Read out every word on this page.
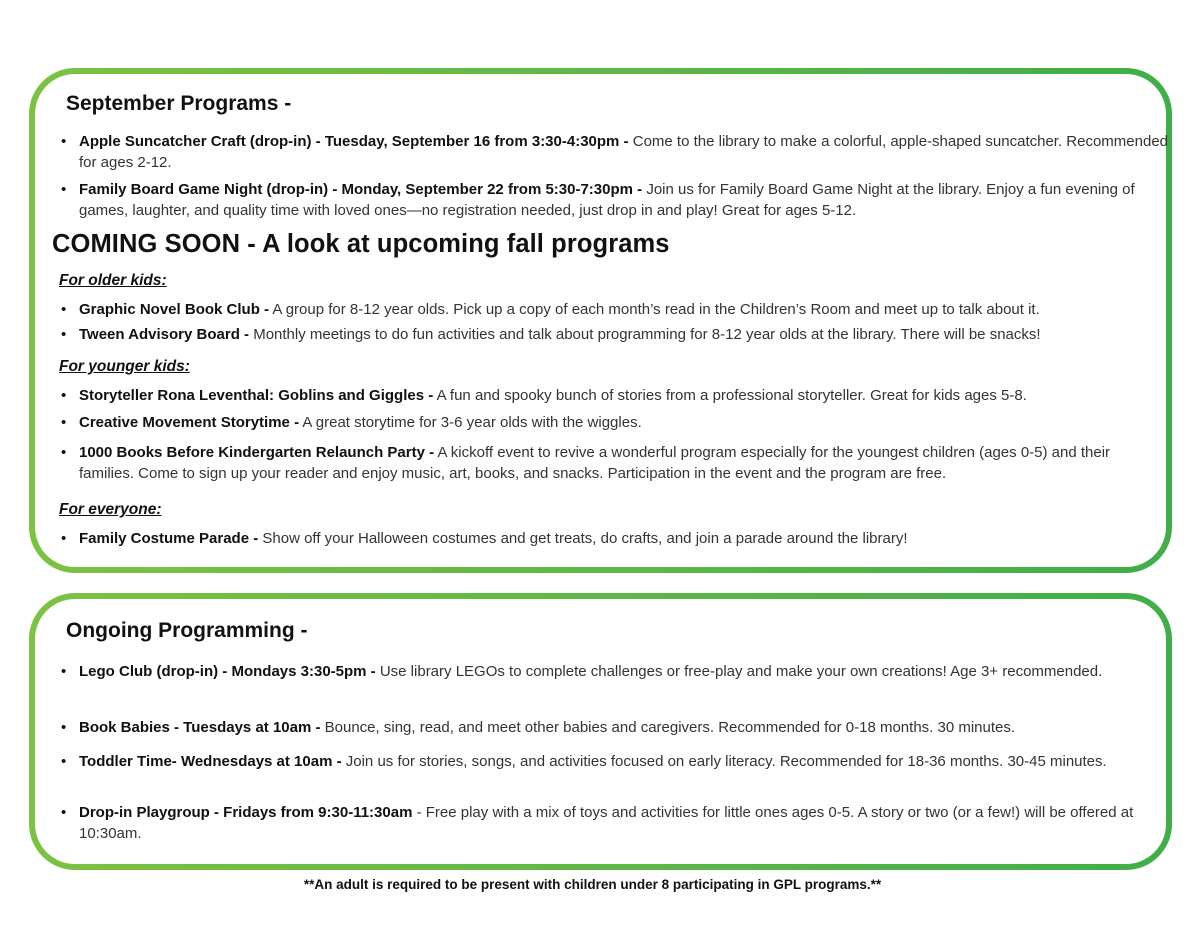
September Programs -
• Apple Suncatcher Craft (drop-in) - Tuesday, September 16 from 3:30-4:30pm - Come to the library to make a colorful, apple-shaped suncatcher. Recommended for ages 2-12.
• Family Board Game Night (drop-in) - Monday, September 22 from 5:30-7:30pm - Join us for Family Board Game Night at the library. Enjoy a fun evening of games, laughter, and quality time with loved ones—no registration needed, just drop in and play! Great for ages 5-12.
COMING SOON - A look at upcoming fall programs

For older kids:

• Graphic Novel Book Club - A group for 8-12 year olds. Pick up a copy of each month’s read in the Children’s Room and meet up to talk about it.
• Tween Advisory Board - Monthly meetings to do fun activities and talk about programming for 8-12 year olds at the library. There will be snacks!

For younger kids:

• Storyteller Rona Leventhal: Goblins and Giggles - A fun and spooky bunch of stories from a professional storyteller. Great for kids ages 5-8.
• Creative Movement Storytime - A great storytime for 3-6 year olds with the wiggles.
• 1000 Books Before Kindergarten Relaunch Party - A kickoff event to revive a wonderful program especially for the youngest children (ages 0-5) and their families. Come to sign up your reader and enjoy music, art, books, and snacks. Participation in the event and the program are free.

For everyone:

• Family Costume Parade - Show off your Halloween costumes and get treats, do crafts, and join a parade around the library!
Ongoing Programming -
• Lego Club (drop-in) - Mondays 3:30-5pm - Use library LEGOs to complete challenges or free-play and make your own creations! Age 3+ recommended.
• Book Babies - Tuesdays at 10am - Bounce, sing, read, and meet other babies and caregivers. Recommended for 0-18 months. 30 minutes.
• Toddler Time- Wednesdays at 10am - Join us for stories, songs, and activities focused on early literacy. Recommended for 18-36 months. 30-45 minutes.
• Drop-in Playgroup - Fridays from 9:30-11:30am - Free play with a mix of toys and activities for little ones ages 0-5. A story or two (or a few!) will be offered at 10:30am.
**An adult is required to be present with children under 8 participating in GPL programs.**
